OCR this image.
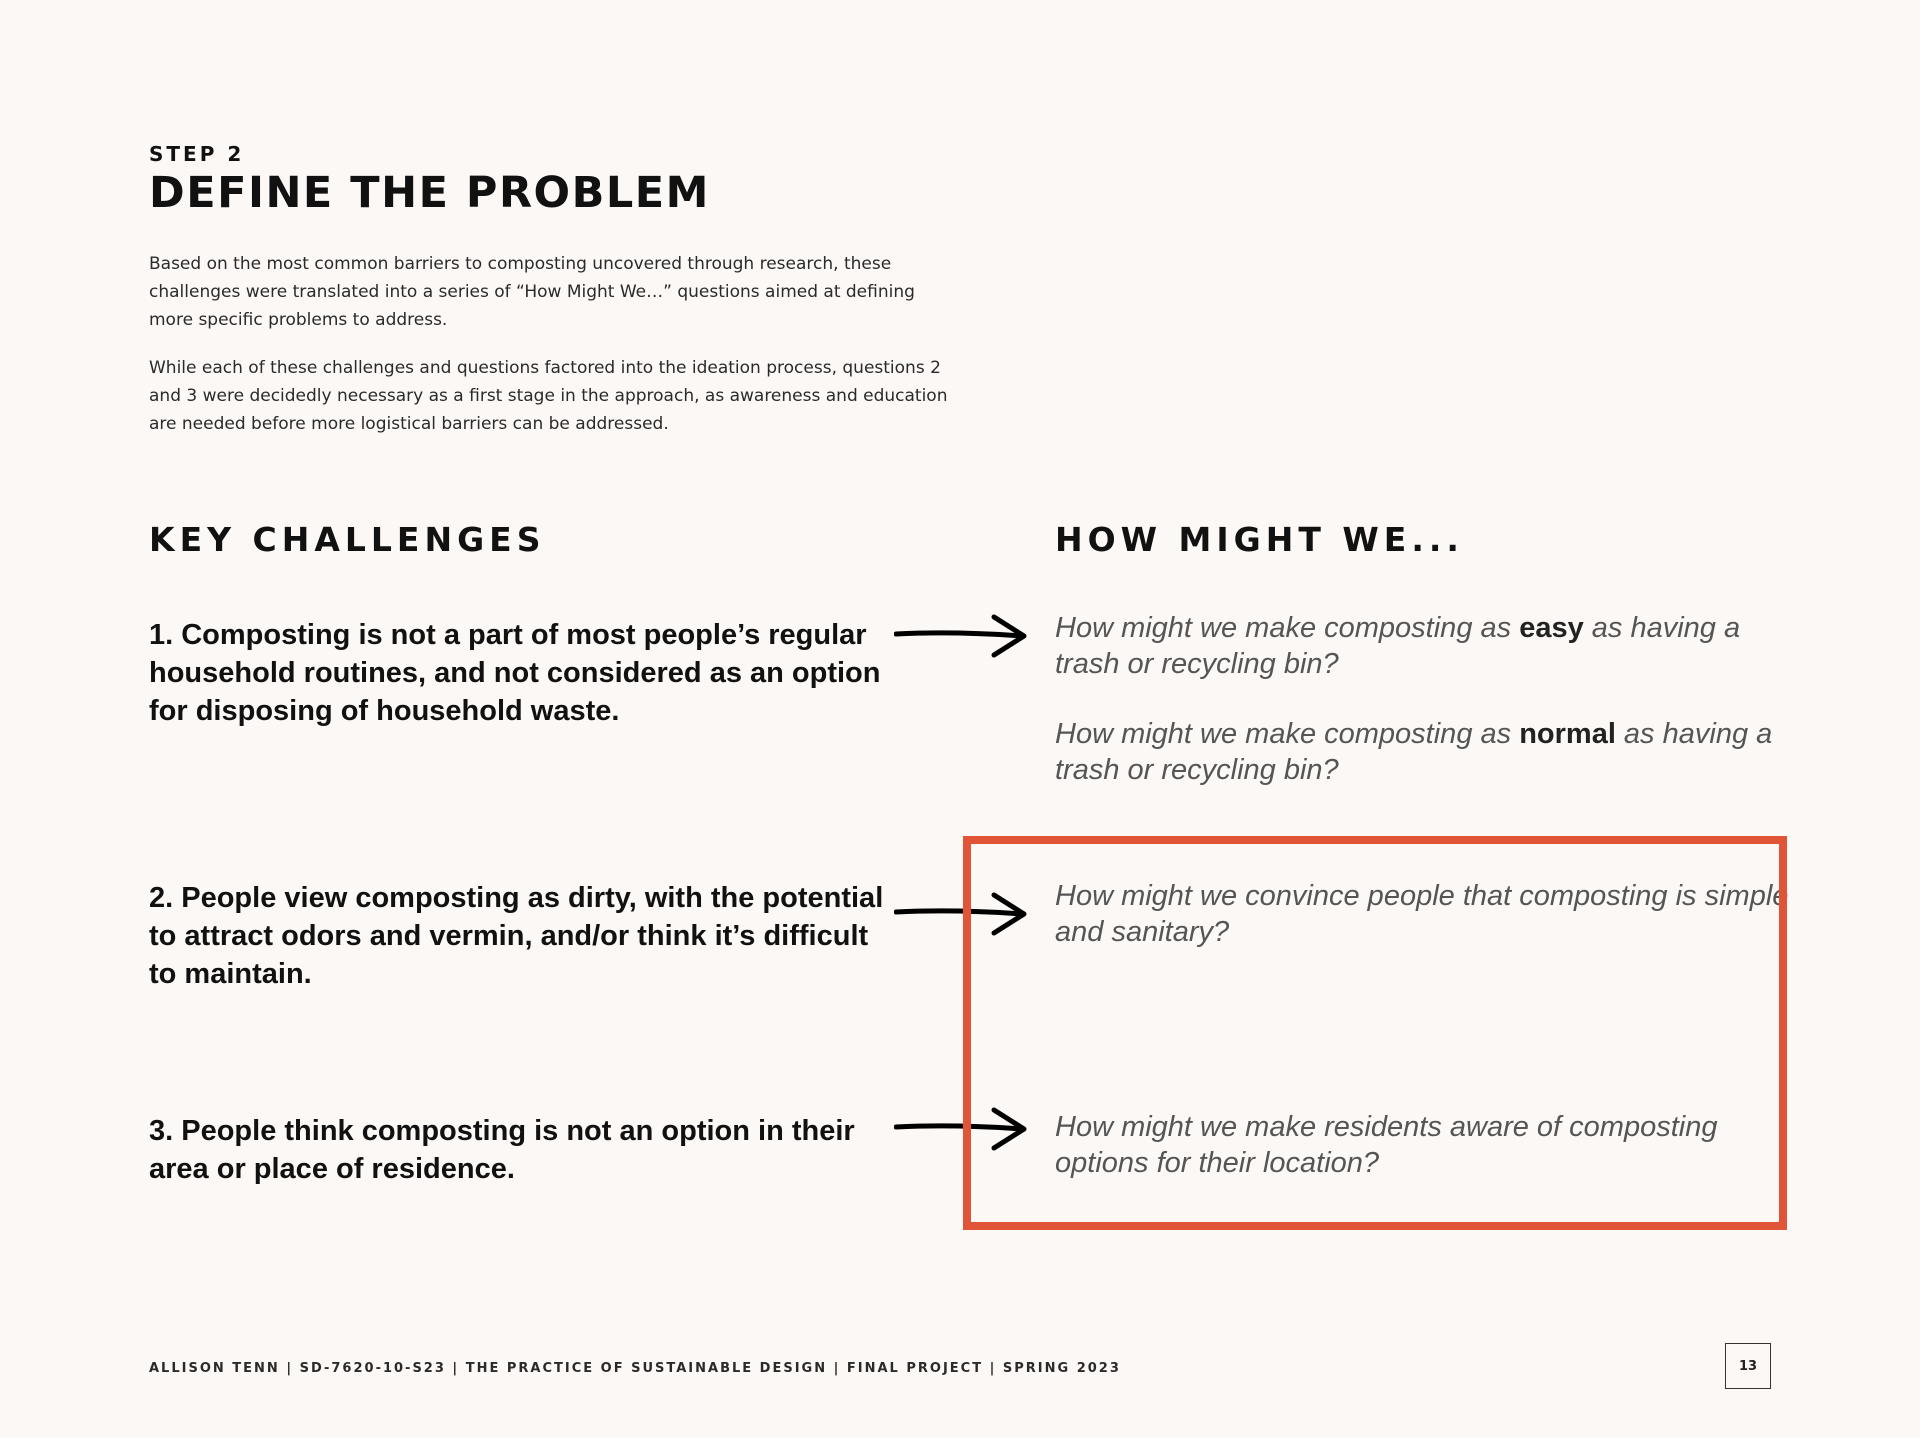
STEP 2
DEFINE THE PROBLEM

Based on the most common barriers to composting uncovered through research, these challenges were translated into a series of “How Might We…” questions aimed at defining more specific problems to address.

While each of these challenges and questions factored into the ideation process, questions 2 and 3 were decidedly necessary as a first stage in the approach, as awareness and education are needed before more logistical barriers can be addressed.

KEY CHALLENGES	HOW MIGHT WE...
1. Composting is not a part of most people’s regular household routines, and not considered as an option for disposing of household waste.
2. People view composting as dirty, with the potential to attract odors and vermin, and/or think it’s difficult to maintain.
3. People think composting is not an option in their area or place of residence.
How might we make composting as easy as having a trash or recycling bin?
How might we make composting as normal as having a trash or recycling bin?
How might we convince people that composting is simple and sanitary?
How might we make residents aware of composting options for their location?
ALLISON TENN | SD-7620-10-S23 | THE PRACTICE OF SUSTAINABLE DESIGN | FINAL PROJECT | SPRING 2023	13
